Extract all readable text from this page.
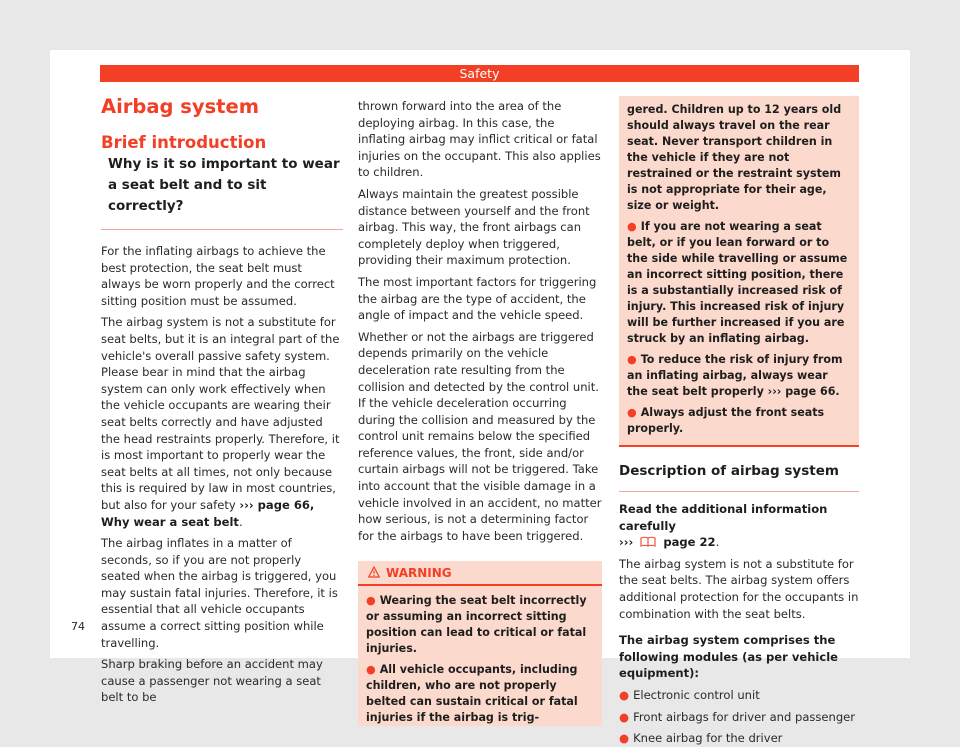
Safety
Airbag system
Brief introduction
Why is it so important to wear a seat belt and to sit correctly?

For the inflating airbags to achieve the best protection, the seat belt must always be worn properly and the correct sitting position must be assumed.

The airbag system is not a substitute for seat belts, but it is an integral part of the vehicle's overall passive safety system. Please bear in mind that the airbag system can only work effectively when the vehicle occupants are wearing their seat belts correctly and have adjusted the head restraints properly. Therefore, it is most important to properly wear the seat belts at all times, not only because this is required by law in most countries, but also for your safety ››› page 66, Why wear a seat belt.

The airbag inflates in a matter of seconds, so if you are not properly seated when the airbag is triggered, you may sustain fatal injuries. Therefore, it is essential that all vehicle occupants assume a correct sitting position while travelling.

Sharp braking before an accident may cause a passenger not wearing a seat belt to be

thrown forward into the area of the deploying airbag. In this case, the inflating airbag may inflict critical or fatal injuries on the occupant. This also applies to children.

Always maintain the greatest possible distance between yourself and the front airbag. This way, the front airbags can completely deploy when triggered, providing their maximum protection.

The most important factors for triggering the airbag are the type of accident, the angle of impact and the vehicle speed.

Whether or not the airbags are triggered depends primarily on the vehicle deceleration rate resulting from the collision and detected by the control unit. If the vehicle deceleration occurring during the collision and measured by the control unit remains below the specified reference values, the front, side and/or curtain airbags will not be triggered. Take into account that the visible damage in a vehicle involved in an accident, no matter how serious, is not a determining factor for the airbags to have been triggered.

WARNING
● Wearing the seat belt incorrectly or assuming an incorrect sitting position can lead to critical or fatal injuries.
● All vehicle occupants, including children, who are not properly belted can sustain critical or fatal injuries if the airbag is trig-
gered. Children up to 12 years old should always travel on the rear seat. Never transport children in the vehicle if they are not restrained or the restraint system is not appropriate for their age, size or weight.
● If you are not wearing a seat belt, or if you lean forward or to the side while travelling or assume an incorrect sitting position, there is a substantially increased risk of injury. This increased risk of injury will be further increased if you are struck by an inflating airbag.
● To reduce the risk of injury from an inflating airbag, always wear the seat belt properly ››› page 66.
● Always adjust the front seats properly.
Description of airbag system

Read the additional information carefully
›››	page 22.

The airbag system is not a substitute for the seat belts. The airbag system offers additional protection for the occupants in combination with the seat belts.

The airbag system comprises the following modules (as per vehicle equipment):

● Electronic control unit
● Front airbags for driver and passenger
● Knee airbag for the driver
74
